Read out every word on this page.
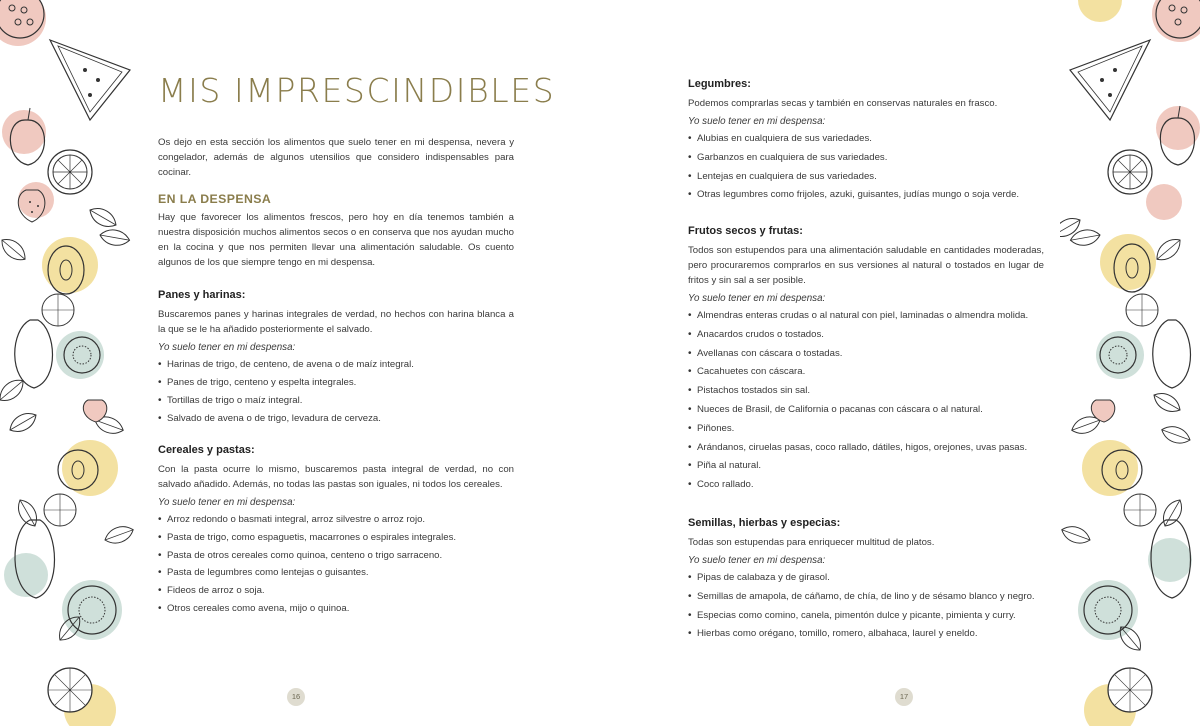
MIS IMPRESCINDIBLES

Os dejo en esta sección los alimentos que suelo tener en mi despensa, nevera y congelador, además de algunos utensilios que considero indispensables para cocinar.

EN LA DESPENSA

Hay que favorecer los alimentos frescos, pero hoy en día tenemos también a nuestra disposición muchos alimentos secos o en conserva que nos ayudan mucho en la cocina y que nos permiten llevar una alimentación saludable. Os cuento algunos de los que siempre tengo en mi despensa.

Panes y harinas:

Buscaremos panes y harinas integrales de verdad, no hechos con harina blanca a la que se le ha añadido posteriormente el salvado.

Yo suelo tener en mi despensa:

• Harinas de trigo, de centeno, de avena o de maíz integral.
• Panes de trigo, centeno y espelta integrales.
• Tortillas de trigo o maíz integral.
• Salvado de avena o de trigo, levadura de cerveza.
Cereales y pastas:

Con la pasta ocurre lo mismo, buscaremos pasta integral de verdad, no con salvado añadido. Además, no todas las pastas son iguales, ni todos los cereales.

Yo suelo tener en mi despensa:

• Arroz redondo o basmati integral, arroz silvestre o arroz rojo.
• Pasta de trigo, como espaguetis, macarrones o espirales integrales.
• Pasta de otros cereales como quinoa, centeno o trigo sarraceno.
• Pasta de legumbres como lentejas o guisantes.
• Fideos de arroz o soja.
• Otros cereales como avena, mijo o quinoa.
16
Legumbres:

Podemos comprarlas secas y también en conservas naturales en frasco.

Yo suelo tener en mi despensa:

• Alubias en cualquiera de sus variedades.
• Garbanzos en cualquiera de sus variedades.
• Lentejas en cualquiera de sus variedades.
• Otras legumbres como frijoles, azuki, guisantes, judías mungo o soja verde.
Frutos secos y frutas:

Todos son estupendos para una alimentación saludable en cantidades moderadas, pero procuraremos comprarlos en sus versiones al natural o tostados en lugar de fritos y sin sal a ser posible.

Yo suelo tener en mi despensa:

• Almendras enteras crudas o al natural con piel, laminadas o almendra molida.
• Anacardos crudos o tostados.
• Avellanas con cáscara o tostadas.
• Cacahuetes con cáscara.
• Pistachos tostados sin sal.
• Nueces de Brasil, de California o pacanas con cáscara o al natural.
• Piñones.
• Arándanos, ciruelas pasas, coco rallado, dátiles, higos, orejones, uvas pasas.
• Piña al natural.
• Coco rallado.
Semillas, hierbas y especias:

Todas son estupendas para enriquecer multitud de platos.

Yo suelo tener en mi despensa:

• Pipas de calabaza y de girasol.
• Semillas de amapola, de cáñamo, de chía, de lino y de sésamo blanco y negro.
• Especias como comino, canela, pimentón dulce y picante, pimienta y curry.
• Hierbas como orégano, tomillo, romero, albahaca, laurel y eneldo.
17
